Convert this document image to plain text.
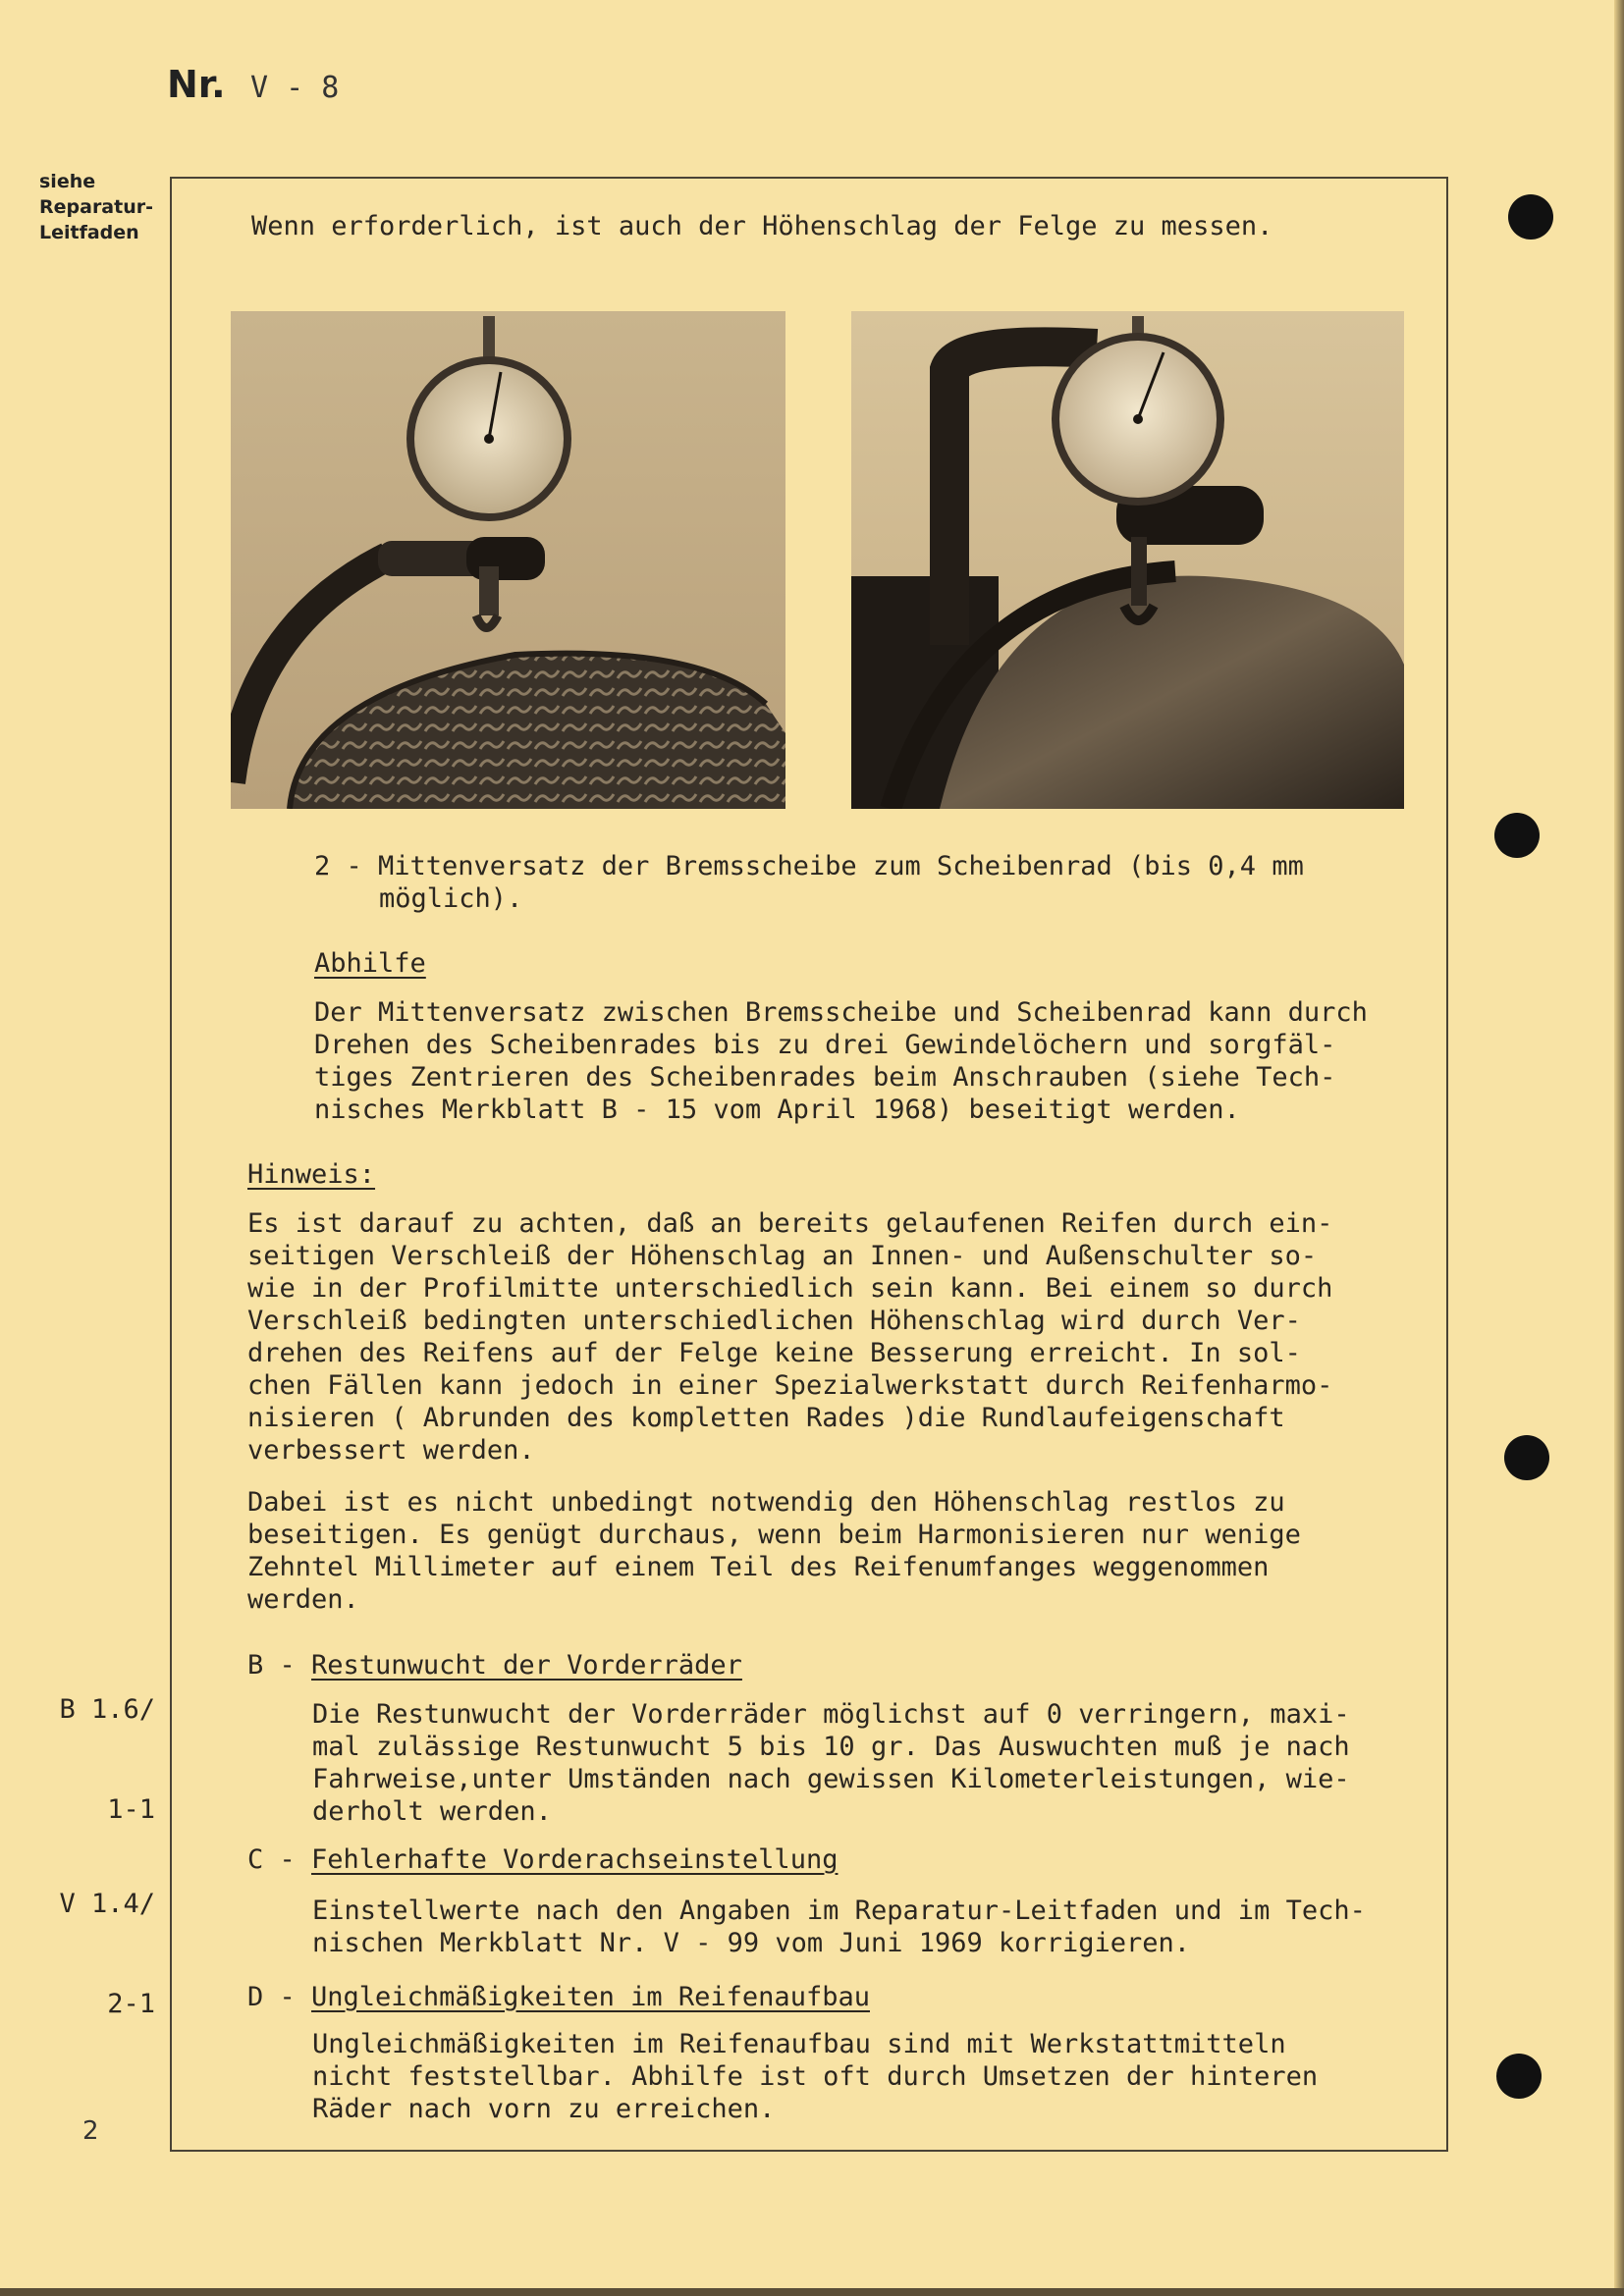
Nr. V - 8
siehe
Reparatur-
Leitfaden	Wenn erforderlich, ist auch der Höhenschlag der Felge zu messen.
2 - Mittenversatz der Bremsscheibe zum Scheibenrad (bis 0,4 mm
möglich).
Abhilfe
Der Mittenversatz zwischen Bremsscheibe und Scheibenrad kann durch
Drehen des Scheibenrades bis zu drei Gewindelöchern und sorgfäl-
tiges Zentrieren des Scheibenrades beim Anschrauben (siehe Tech-
nisches Merkblatt B - 15 vom April 1968) beseitigt werden.
Hinweis:
Es ist darauf zu achten, daß an bereits gelaufenen Reifen durch ein-
seitigen Verschleiß der Höhenschlag an Innen- und Außenschulter so-
wie in der Profilmitte unterschiedlich sein kann. Bei einem so durch
Verschleiß bedingten unterschiedlichen Höhenschlag wird durch Ver-
drehen des Reifens auf der Felge keine Besserung erreicht. In sol-
chen Fällen kann jedoch in einer Spezialwerkstatt durch Reifenharmo-
nisieren ( Abrunden des kompletten Rades )die Rundlaufeigenschaft
verbessert werden.
Dabei ist es nicht unbedingt notwendig den Höhenschlag restlos zu
beseitigen. Es genügt durchaus, wenn beim Harmonisieren nur wenige
Zehntel Millimeter auf einem Teil des Reifenumfanges weggenommen
werden.

B 1.6/

1-1

B - Restunwucht der Vorderräder
Die Restunwucht der Vorderräder möglichst auf 0 verringern, maxi-
mal zulässige Restunwucht 5 bis 10 gr. Das Auswuchten muß je nach
Fahrweise,unter Umständen nach gewissen Kilometerleistungen, wie-
derholt werden.

V 1.4/

2-1

C - Fehlerhafte Vorderachseinstellung
Einstellwerte nach den Angaben im Reparatur-Leitfaden und im Tech-
nischen Merkblatt Nr. V - 99 vom Juni 1969 korrigieren.
D - Ungleichmäßigkeiten im Reifenaufbau
Ungleichmäßigkeiten im Reifenaufbau sind mit Werkstattmitteln
nicht feststellbar. Abhilfe ist oft durch Umsetzen der hinteren
Räder nach vorn zu erreichen.
2
